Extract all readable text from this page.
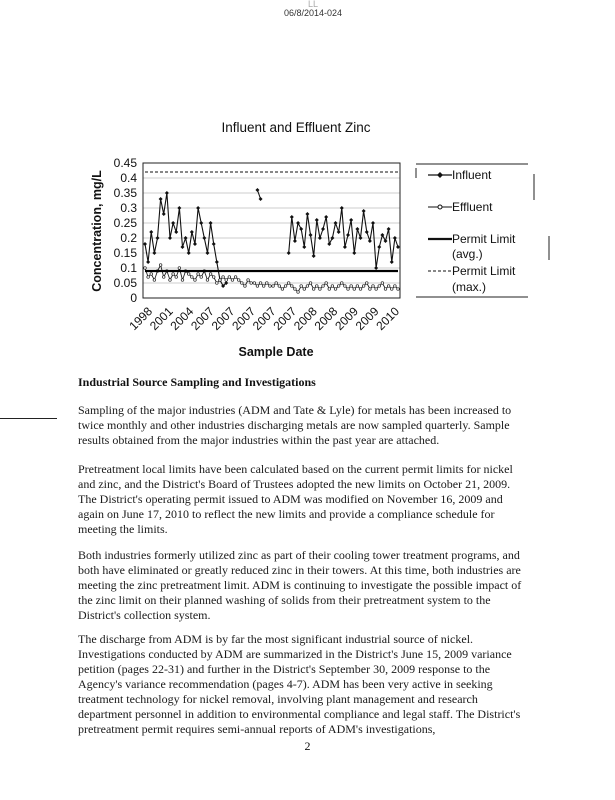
LL
06/8/2014-024
Influent and Effluent Zinc
Concentration, mg/L
0
0.05
0.1
0.15
0.2
0.25
0.3
0.35
0.4
0.45
1998
2001
2004
2007
2007
2007
2007
2007
2008
2008
2009
2009
2010
Sample Date
Influent
Effluent
Permit Limit (avg.)
Permit Limit (max.)
Industrial Source Sampling and Investigations

Sampling of the major industries (ADM and Tate & Lyle) for metals has been increased to twice monthly and other industries discharging metals are now sampled quarterly. Sample results obtained from the major industries within the past year are attached.

Pretreatment local limits have been calculated based on the current permit limits for nickel and zinc, and the District's Board of Trustees adopted the new limits on October 21, 2009. The District's operating permit issued to ADM was modified on November 16, 2009 and again on June 17, 2010 to reflect the new limits and provide a compliance schedule for meeting the limits.

Both industries formerly utilized zinc as part of their cooling tower treatment programs, and both have eliminated or greatly reduced zinc in their towers. At this time, both industries are meeting the zinc pretreatment limit. ADM is continuing to investigate the possible impact of the zinc limit on their planned washing of solids from their pretreatment system to the District's collection system.

The discharge from ADM is by far the most significant industrial source of nickel. Investigations conducted by ADM are summarized in the District's June 15, 2009 variance petition (pages 22-31) and further in the District's September 30, 2009 response to the Agency's variance recommendation (pages 4-7). ADM has been very active in seeking treatment technology for nickel removal, involving plant management and research department personnel in addition to environmental compliance and legal staff. The District's pretreatment permit requires semi-annual reports of ADM's investigations,

2
